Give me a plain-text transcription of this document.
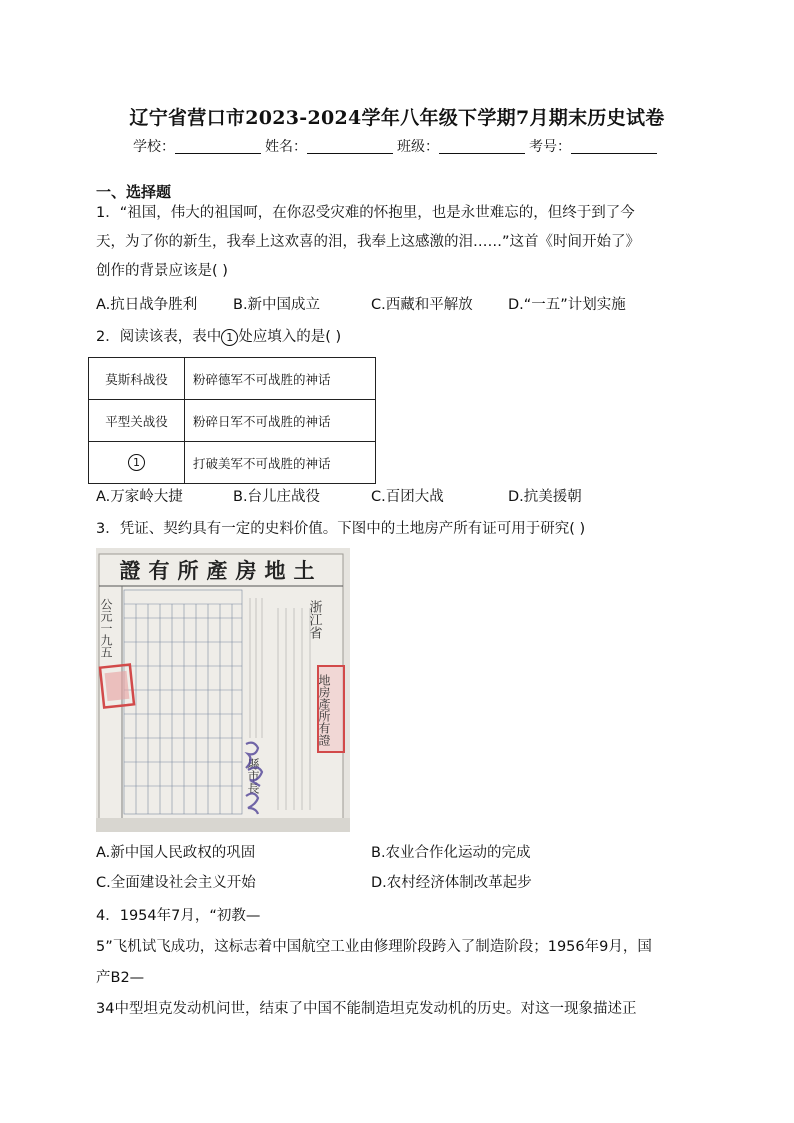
辽宁省营口市2023-2024学年八年级下学期7月期末历史试卷
学校：	姓名：	班级：	考号：
一、选择题
1．“祖国，伟大的祖国呵，在你忍受灾难的怀抱里，也是永世难忘的，但终于到了今
天，为了你的新生，我奉上这欢喜的泪，我奉上这感激的泪……”这首《时间开始了》
创作的背景应该是( )
A.抗日战争胜利 B.新中国成立	C.西藏和平解放 D.“一五”计划实施
2．阅读该表，表中 1 处应填入的是( )
莫斯科战役	粉碎德军不可战胜的神话
平型关战役	粉碎日军不可战胜的神话
1	打破美军不可战胜的神话
A.万家岭大捷	B.台儿庄战役	C.百团大战	D.抗美援朝
3．凭证、契约具有一定的史料价值。下图中的土地房产所有证可用于研究( )
證有所產房地土
公元一九五
縣市長
浙江省
地房產所有證
A.新中国人民政权的巩固	B.农业合作化运动的完成
C.全面建设社会主义开始	D.农村经济体制改革起步
4．1954年7月，“初教—
5”飞机试飞成功，这标志着中国航空工业由修理阶段跨入了制造阶段；1956年9月，国
产B2—
34中型坦克发动机问世，结束了中国不能制造坦克发动机的历史。对这一现象描述正
